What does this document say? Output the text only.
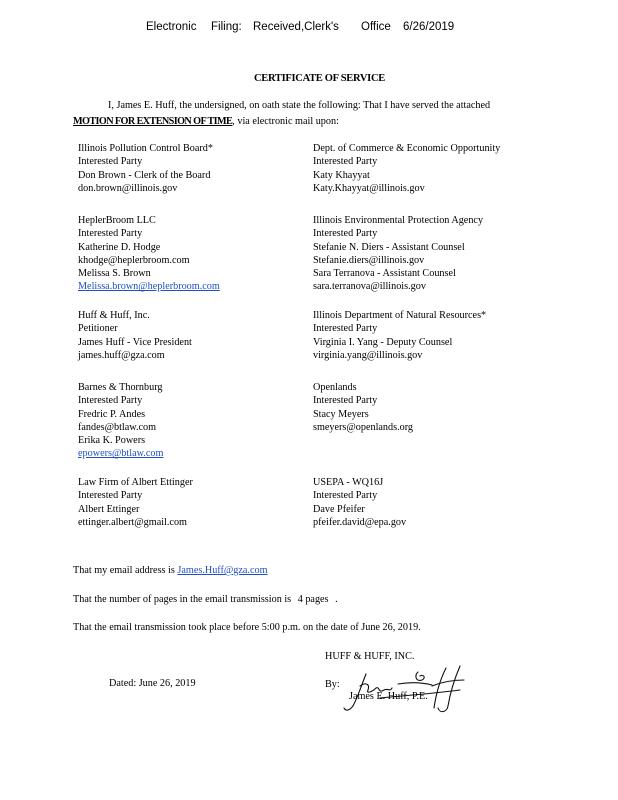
Electronic Filing: Received,Clerk's Office 6/26/2019
CERTIFICATE OF SERVICE
I, James E. Huff, the undersigned, on oath state the following: That I have served the attached
MOTION FOR EXTENSION OF TIME, via electronic mail upon:
Illinois Pollution Control Board*
Interested Party
Don Brown - Clerk of the Board
don.brown@illinois.gov
Dept. of Commerce & Economic Opportunity
Interested Party
Katy Khayyat
Katy.Khayyat@illinois.gov
HeplerBroom LLC
Interested Party
Katherine D. Hodge
khodge@heplerbroom.com
Melissa S. Brown
Melissa.brown@heplerbroom.com
Illinois Environmental Protection Agency
Interested Party
Stefanie N. Diers - Assistant Counsel
Stefanie.diers@illinois.gov
Sara Terranova - Assistant Counsel
sara.terranova@illinois.gov
Huff & Huff, Inc.
Petitioner
James Huff - Vice President
james.huff@gza.com
Illinois Department of Natural Resources*
Interested Party
Virginia I. Yang - Deputy Counsel
virginia.yang@illinois.gov
Barnes & Thornburg
Interested Party
Fredric P. Andes
fandes@btlaw.com
Erika K. Powers
epowers@btlaw.com
Openlands
Interested Party
Stacy Meyers
smeyers@openlands.org
Law Firm of Albert Ettinger
Interested Party
Albert Ettinger
ettinger.albert@gmail.com
USEPA - WQ16J
Interested Party
Dave Pfeifer
pfeifer.david@epa.gov
That my email address is James.Huff@gza.com
That the number of pages in the email transmission is 4 pages .
That the email transmission took place before 5:00 p.m. on the date of June 26, 2019.
HUFF & HUFF, INC.
Dated: June 26, 2019	By:
James E. Huff, P.E.
